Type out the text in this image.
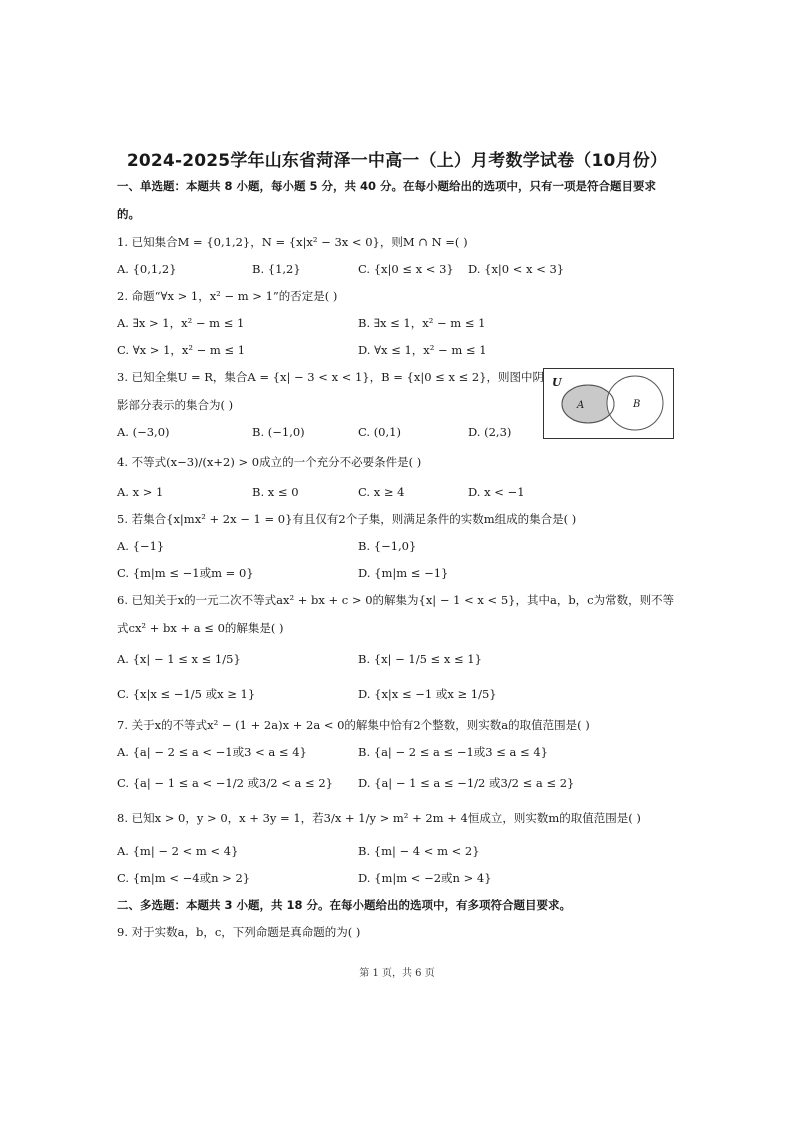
2024-2025学年山东省菏泽一中高一（上）月考数学试卷（10月份）
一、单选题：本题共 8 小题，每小题 5 分，共 40 分。在每小题给出的选项中，只有一项是符合题目要求
的。
1. 已知集合M = {0,1,2}，N = {x|x² − 3x < 0}，则M ∩ N =( )
A. {0,1,2}	B. {1,2}	C. {x|0 ≤ x < 3} D. {x|0 < x < 3}
2. 命题“∀x > 1，x² − m > 1”的否定是( )
A. ∃x > 1，x² − m ≤ 1	B. ∃x ≤ 1，x² − m ≤ 1
C. ∀x > 1，x² − m ≤ 1	D. ∀x ≤ 1，x² − m ≤ 1
3. 已知全集U = R，集合A = {x| − 3 < x < 1}，B = {x|0 ≤ x ≤ 2}，则图中阴
影部分表示的集合为( )
A. (−3,0)	B. (−1,0)	C. (0,1)	D. (2,3)
U
A	B
4. 不等式(x−3)/(x+2) > 0成立的一个充分不必要条件是( )
A. x > 1	B. x ≤ 0	C. x ≥ 4	D. x < −1
5. 若集合{x|mx² + 2x − 1 = 0}有且仅有2个子集，则满足条件的实数m组成的集合是( )
A. {−1}	B. {−1,0}
C. {m|m ≤ −1或m = 0}	D. {m|m ≤ −1}
6. 已知关于x的一元二次不等式ax² + bx + c > 0的解集为{x| − 1 < x < 5}，其中a，b，c为常数，则不等
式cx² + bx + a ≤ 0的解集是( )
A. {x| − 1 ≤ x ≤ 1/5}	B. {x| − 1/5 ≤ x ≤ 1}
C. {x|x ≤ −1/5 或x ≥ 1}	D. {x|x ≤ −1 或x ≥ 1/5}
7. 关于x的不等式x² − (1 + 2a)x + 2a < 0的解集中恰有2个整数，则实数a的取值范围是( )
A. {a| − 2 ≤ a < −1或3 < a ≤ 4}	B. {a| − 2 ≤ a ≤ −1或3 ≤ a ≤ 4}
C. {a| − 1 ≤ a < −1/2 或3/2 < a ≤ 2} D. {a| − 1 ≤ a ≤ −1/2 或3/2 ≤ a ≤ 2}
8. 已知x > 0，y > 0，x + 3y = 1，若3/x + 1/y > m² + 2m + 4恒成立，则实数m的取值范围是( )
A. {m| − 2 < m < 4}	B. {m| − 4 < m < 2}
C. {m|m < −4或n > 2}	D. {m|m < −2或n > 4}
二、多选题：本题共 3 小题，共 18 分。在每小题给出的选项中，有多项符合题目要求。
9. 对于实数a，b，c，下列命题是真命题的为( )
第 1 页，共 6 页
